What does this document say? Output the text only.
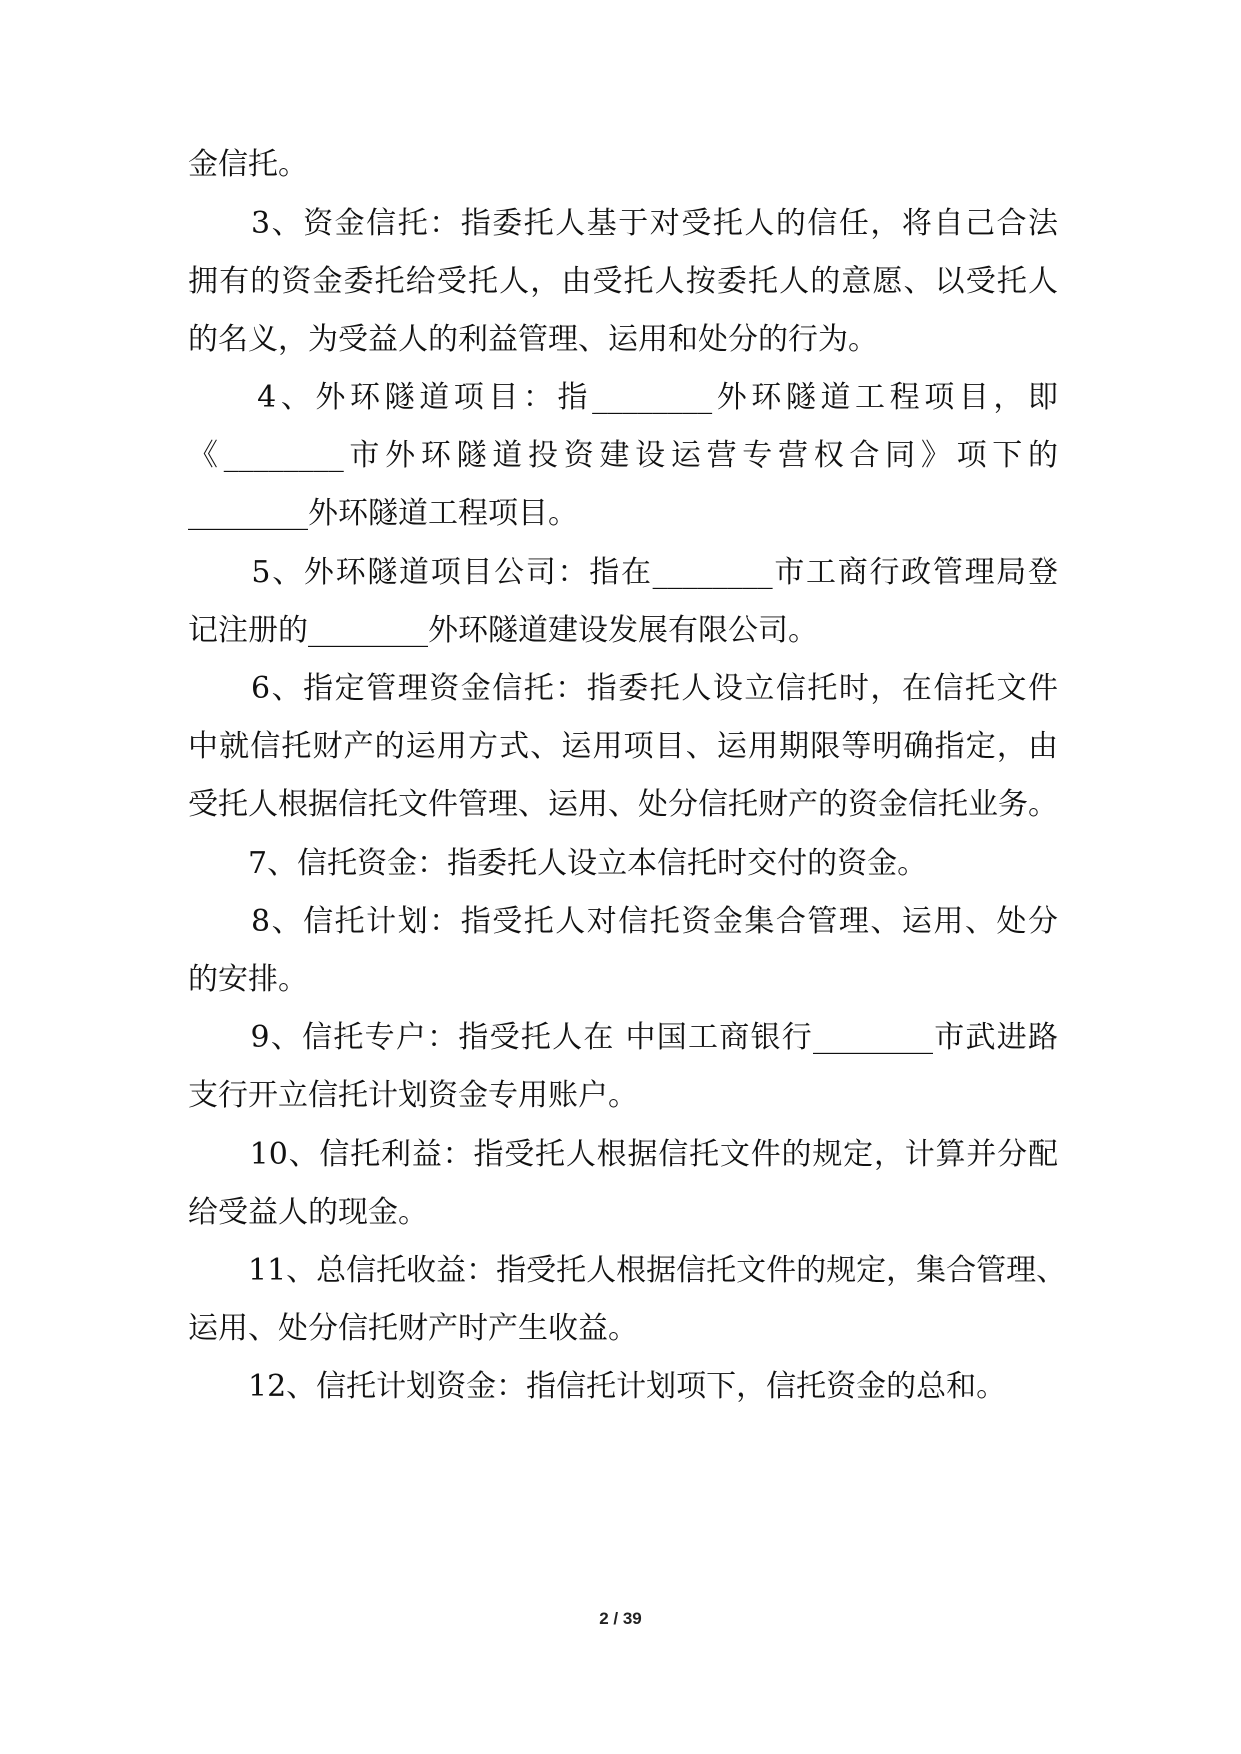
金信托。
　　3、资金信托：指委托人基于对受托人的信任，将自己合法
拥有的资金委托给受托人，由受托人按委托人的意愿、以受托人
的名义，为受益人的利益管理、运用和处分的行为。
　　4、外环隧道项目：指________外环隧道工程项目，即
《________市外环隧道投资建设运营专营权合同》项下的
________外环隧道工程项目。
　　5、外环隧道项目公司：指在________市工商行政管理局登
记注册的________外环隧道建设发展有限公司。
　　6、指定管理资金信托：指委托人设立信托时，在信托文件
中就信托财产的运用方式、运用项目、运用期限等明确指定，由
受托人根据信托文件管理、运用、处分信托财产的资金信托业务。
　　7、信托资金：指委托人设立本信托时交付的资金。
　　8、信托计划：指受托人对信托资金集合管理、运用、处分
的安排。
　　9、信托专户：指受托人在 中国工商银行________市武进路
支行开立信托计划资金专用账户。
　　10、信托利益：指受托人根据信托文件的规定，计算并分配
给受益人的现金。
　　11、总信托收益：指受托人根据信托文件的规定，集合管理、
运用、处分信托财产时产生收益。
　　12、信托计划资金：指信托计划项下，信托资金的总和。
2 / 39
